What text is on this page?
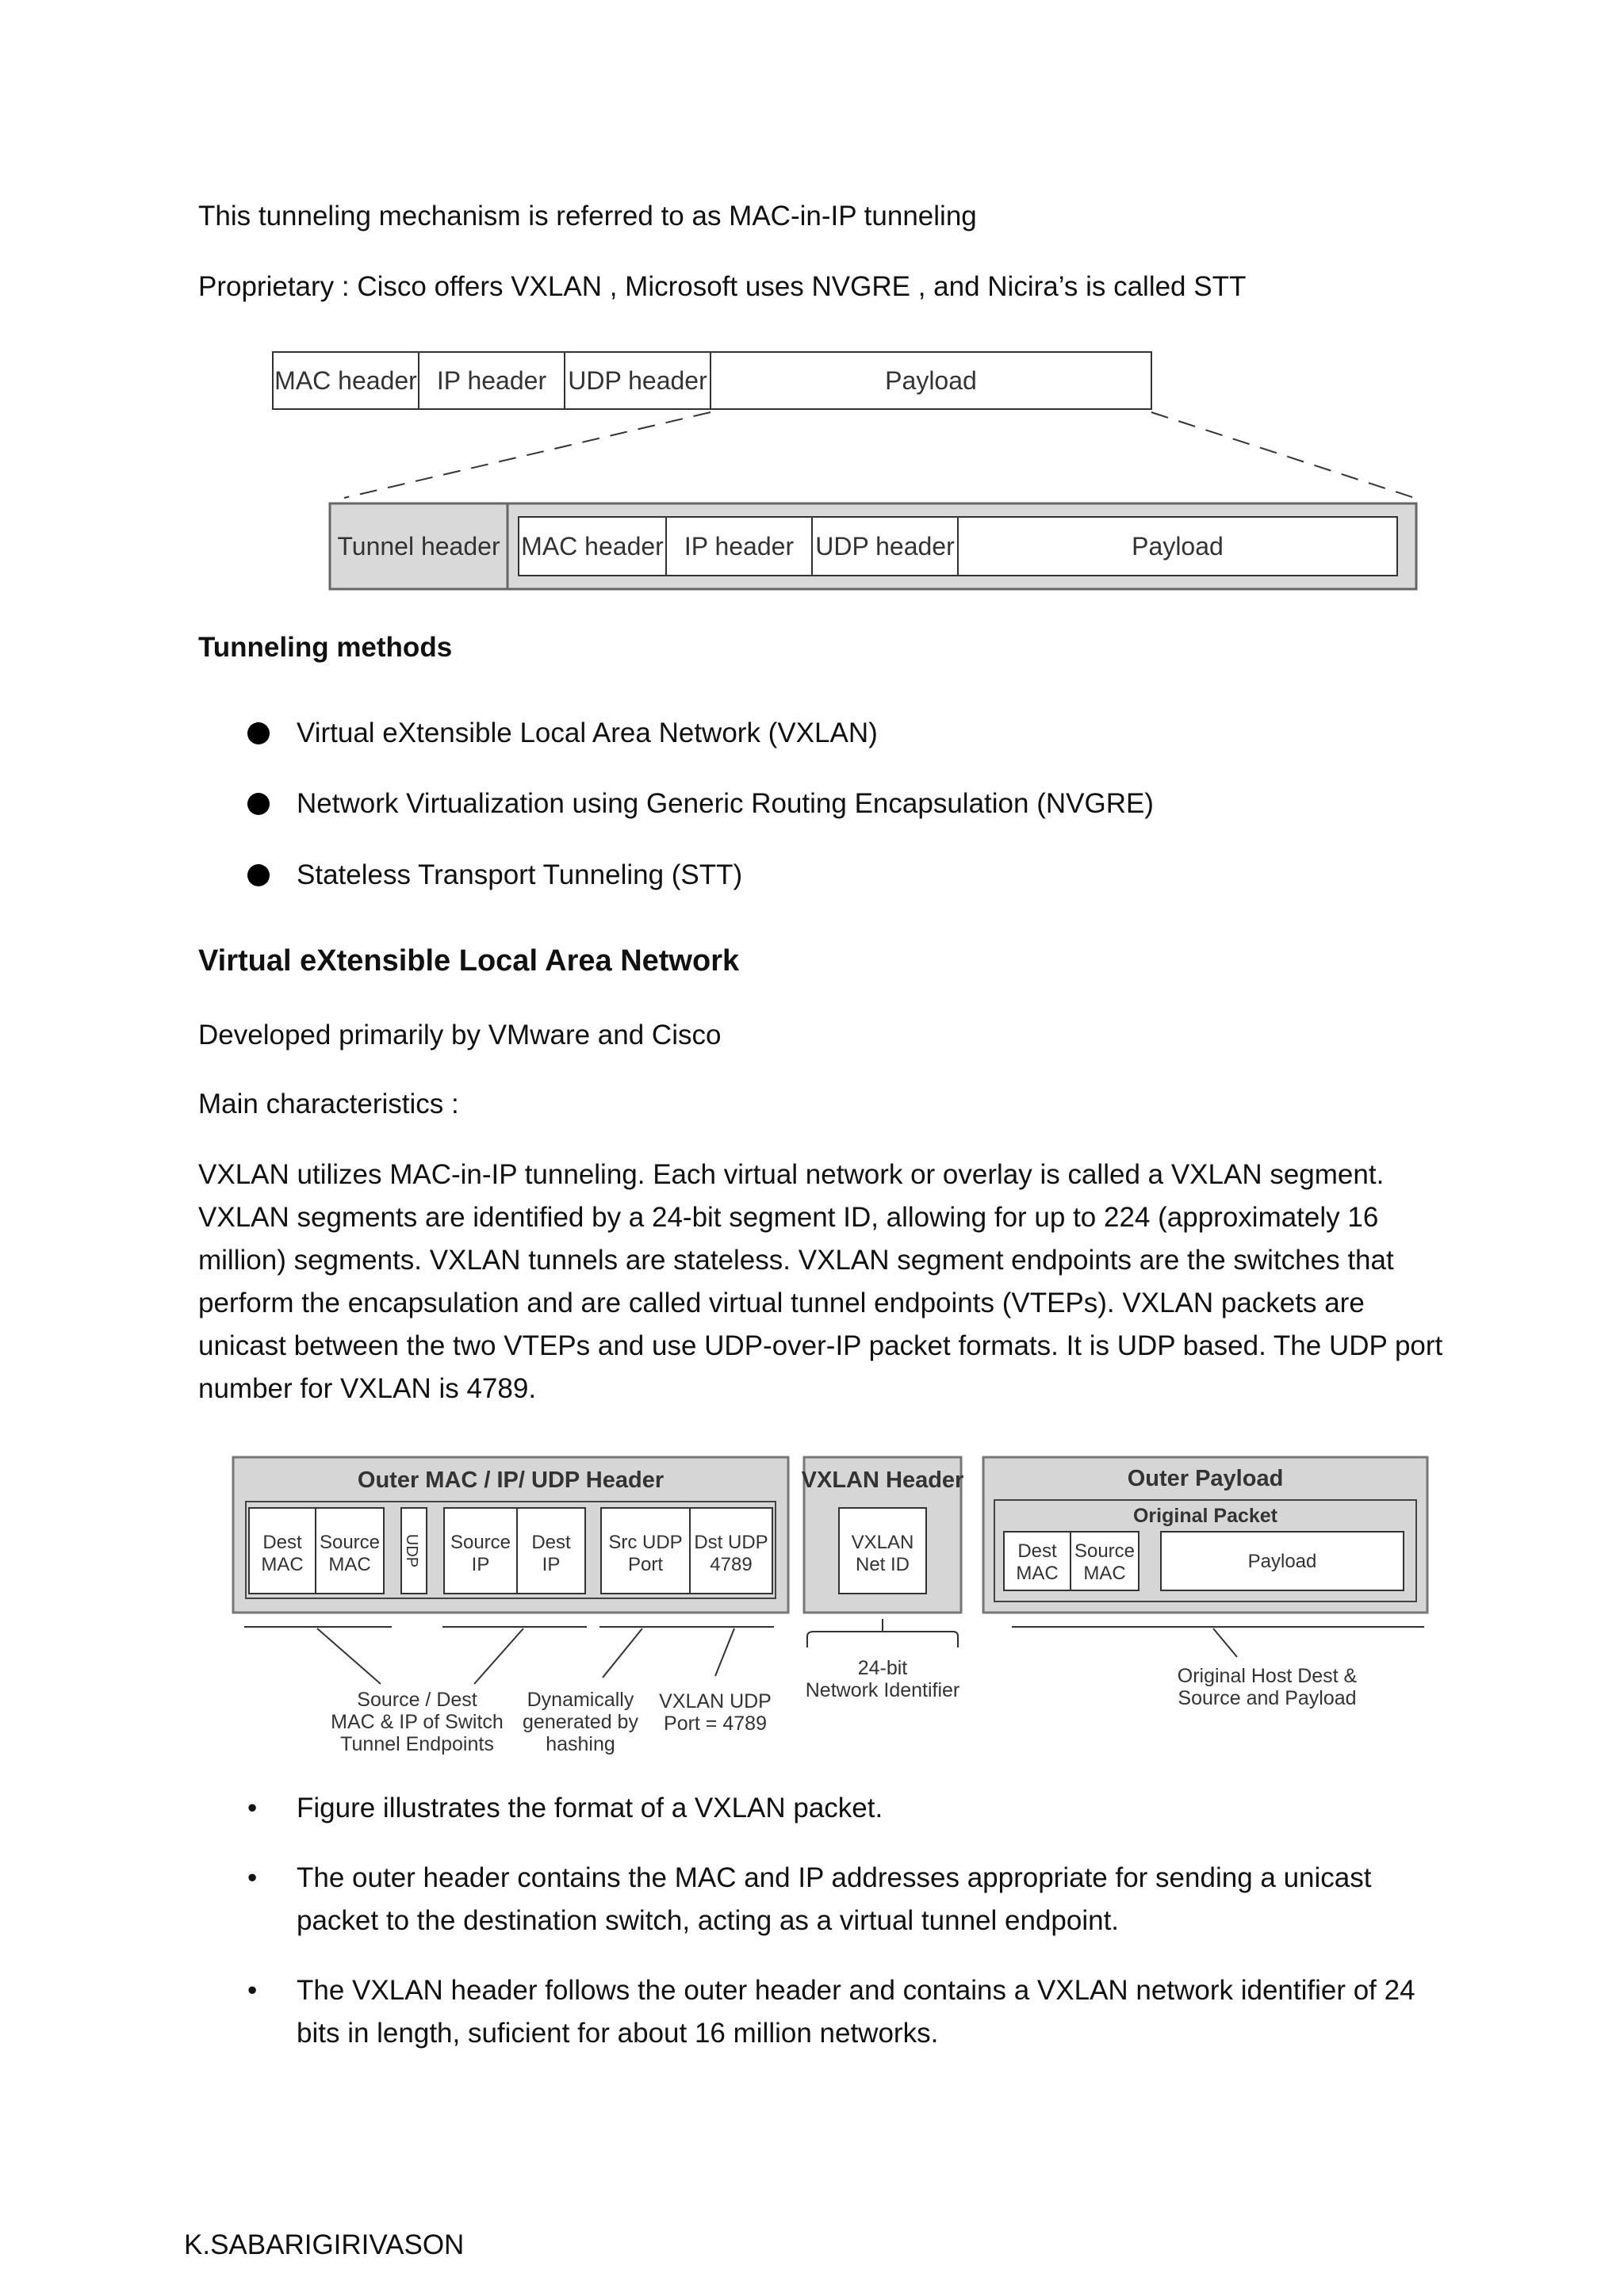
This tunneling mechanism is referred to as MAC-in-IP tunneling
Proprietary : Cisco offers VXLAN , Microsoft uses NVGRE , and Nicira’s is called STT
MAC header IP header UDP header	Payload
Tunnel header MAC header IP header UDP header	Payload
Tunneling methods
Virtual eXtensible Local Area Network (VXLAN)
Network Virtualization using Generic Routing Encapsulation (NVGRE)
Stateless Transport Tunneling (STT)
Virtual eXtensible Local Area Network
Developed primarily by VMware and Cisco
Main characteristics :
VXLAN utilizes MAC-in-IP tunneling. Each virtual network or overlay is called a VXLAN segment.
VXLAN segments are identified by a 24-bit segment ID, allowing for up to 224 (approximately 16
million) segments. VXLAN tunnels are stateless. VXLAN segment endpoints are the switches that
perform the encapsulation and are called virtual tunnel endpoints (VTEPs). VXLAN packets are
unicast between the two VTEPs and use UDP-over-IP packet formats. It is UDP based. The UDP port
number for VXLAN is 4789.
Outer MAC / IP/ UDP Header
Dest
MAC
Source
MAC UDP Source
IP
Dest
IP
Src UDP
Port
Dst UDP
4789
VXLAN Header
VXLAN
Net ID
Outer Payload
Original Packet
Dest
MAC
Source
MAC
Payload
Source / Dest
MAC & IP of Switch
Tunnel Endpoints
Dynamically
generated by
hashing
VXLAN UDP
Port = 4789
24-bit
Network Identifier
Original Host Dest &
Source and Payload
• Figure illustrates the format of a VXLAN packet.
• The outer header contains the MAC and IP addresses appropriate for sending a unicast
packet to the destination switch, acting as a virtual tunnel endpoint.
• The VXLAN header follows the outer header and contains a VXLAN network identifier of 24
bits in length, suﬁcient for about 16 million networks.
K.SABARIGIRIVASON
